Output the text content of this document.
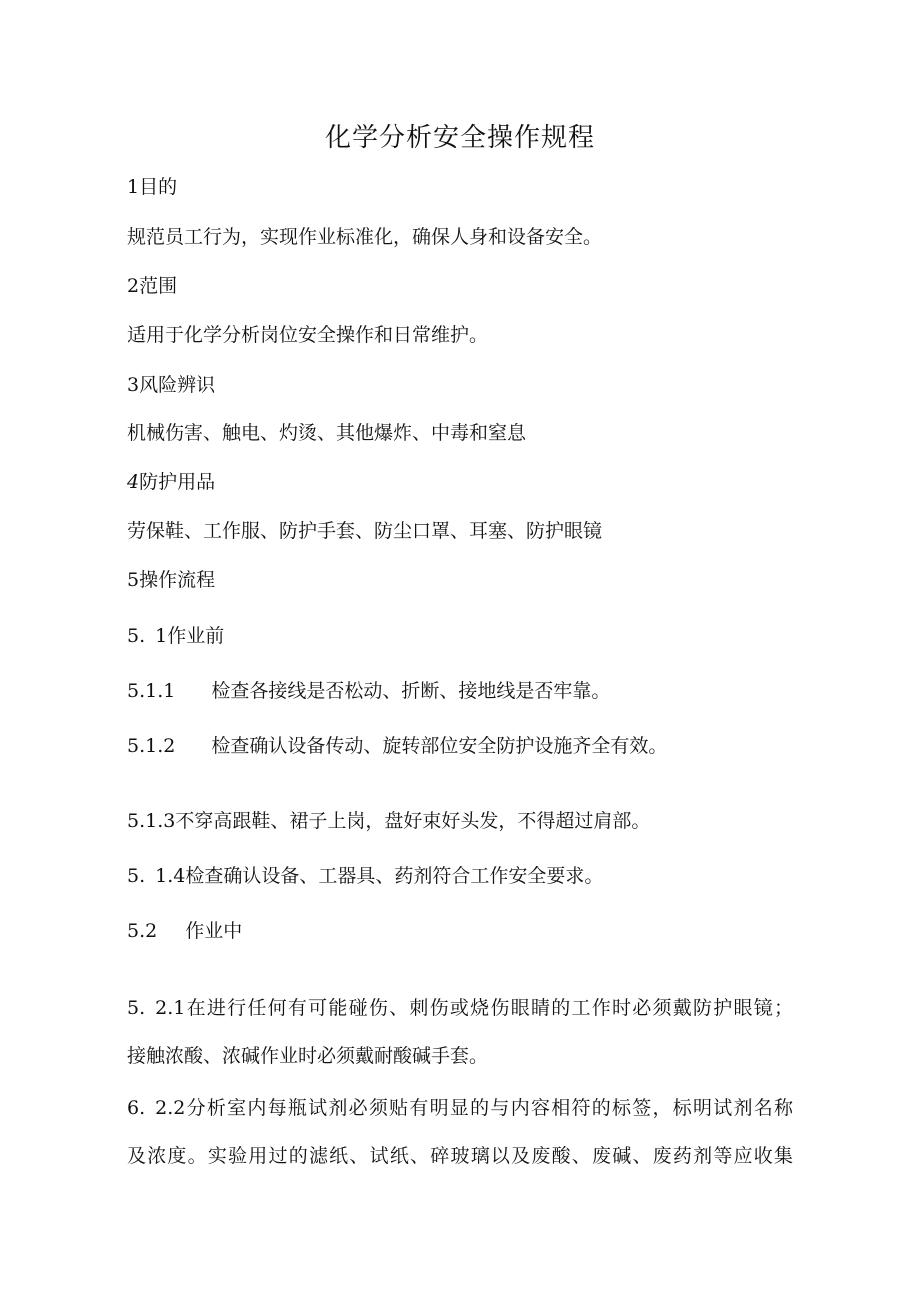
化学分析安全操作规程
1目的
规范员工行为，实现作业标准化，确保人身和设备安全。
2范围
适用于化学分析岗位安全操作和日常维护。
3风险辨识
机械伤害、触电、灼烫、其他爆炸、中毒和窒息
4防护用品
劳保鞋、工作服、防护手套、防尘口罩、耳塞、防护眼镜
5操作流程
5. 1作业前
5.1.1 检查各接线是否松动、折断、接地线是否牢靠。
5.1.2 检查确认设备传动、旋转部位安全防护设施齐全有效。
5.1.3不穿高跟鞋、裙子上岗，盘好束好头发，不得超过肩部。
5. 1.4检查确认设备、工器具、药剂符合工作安全要求。
5.2 作业中
5. 2.1在进行任何有可能碰伤、刺伤或烧伤眼睛的工作时必须戴防护眼镜；
接触浓酸、浓碱作业时必须戴耐酸碱手套。
6. 2.2分析室内每瓶试剂必须贴有明显的与内容相符的标签，标明试剂名称
及浓度。实验用过的滤纸、试纸、碎玻璃以及废酸、废碱、废药剂等应收集
